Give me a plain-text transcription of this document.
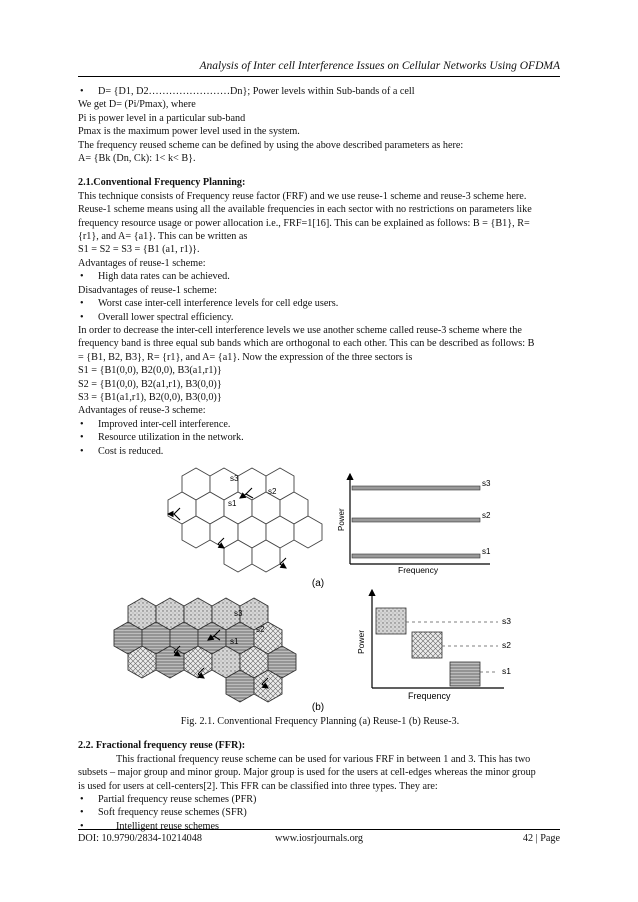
Analysis of Inter cell Interference Issues on Cellular Networks Using OFDMA
• D= {D1, D2……………………Dn}; Power levels within Sub-bands of a cell
We get D= (Pi/Pmax), where
Pi is power level in a particular sub-band
Pmax is the maximum power level used in the system.
The frequency reused scheme can be defined by using the above described parameters as here:
A= {Bk (Dn, Ck): 1< k< B}.
2.1.Conventional Frequency Planning:
This technique consists of Frequency reuse factor (FRF) and we use reuse-1 scheme and reuse-3 scheme here.
Reuse-1 scheme means using all the available frequencies in each sector with no restrictions on parameters like
frequency resource usage or power allocation i.e., FRF=1[16]. This can be explained as follows: B = {B1}, R=
{r1}, and A= {a1}. This can be written as
S1 = S2 = S3 = {B1 (a1, r1)}.
Advantages of reuse-1 scheme:
• High data rates can be achieved.
Disadvantages of reuse-1 scheme:
• Worst case inter-cell interference levels for cell edge users.
• Overall lower spectral efficiency.
In order to decrease the inter-cell interference levels we use another scheme called reuse-3 scheme where the
frequency band is three equal sub bands which are orthogonal to each other. This can be described as follows: B
= {B1, B2, B3}, R= {r1}, and A= {a1}. Now the expression of the three sectors is
S1 = {B1(0,0), B2(0,0), B3(a1,r1)}
S2 = {B1(0,0), B2(a1,r1), B3(0,0)}
S3 = {B1(a1,r1), B2(0,0), B3(0,0)}
Advantages of reuse-3 scheme:
• Improved inter-cell interference.
• Resource utilization in the network.
• Cost is reduced.
s3
s2
s1
s3
s2
s1
Power
Frequency
(a)
s3
s2
s1
s3
s2
s1
Power
Frequency
(b)
Fig. 2.1. Conventional Frequency Planning (a) Reuse-1 (b) Reuse-3.
2.2. Fractional frequency reuse (FFR):
This fractional frequency reuse scheme can be used for various FRF in between 1 and 3. This has two
subsets – major group and minor group. Major group is used for the users at cell-edges whereas the minor group
is used for users at cell-centers[2]. This FFR can be classified into three types. They are:
• Partial frequency reuse schemes (PFR)
• Soft frequency reuse schemes (SFR)
• Intelligent reuse schemes
DOI: 10.9790/2834-10214048	www.iosrjournals.org	42 | Page
